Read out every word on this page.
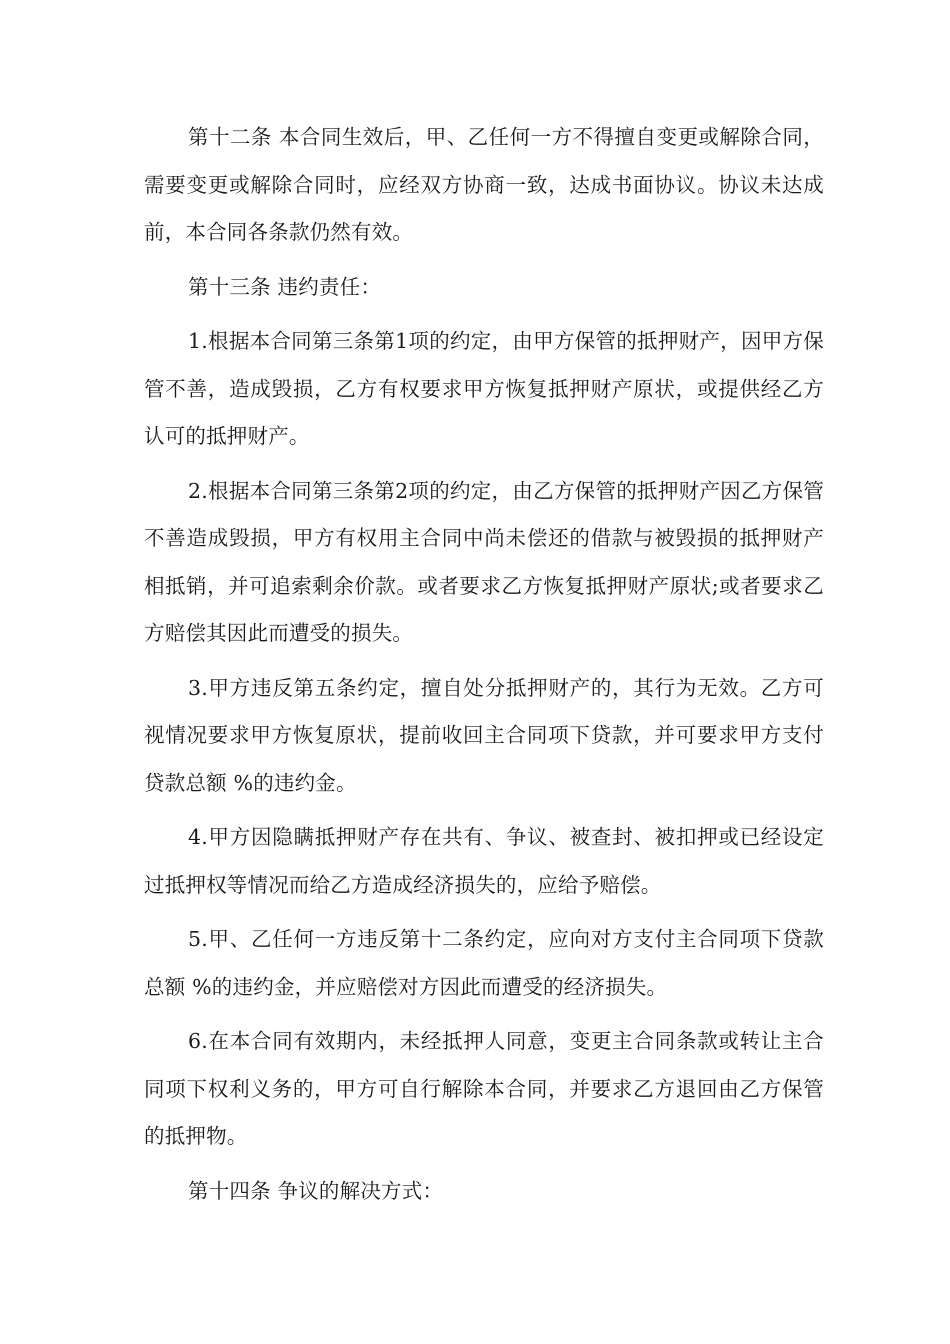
第十二条 本合同生效后，甲、乙任何一方不得擅自变更或解除合同，需要变更或解除合同时，应经双方协商一致，达成书面协议。协议未达成前，本合同各条款仍然有效。

第十三条 违约责任：

1.根据本合同第三条第1项的约定，由甲方保管的抵押财产，因甲方保管不善，造成毁损，乙方有权要求甲方恢复抵押财产原状，或提供经乙方认可的抵押财产。

2.根据本合同第三条第2项的约定，由乙方保管的抵押财产因乙方保管不善造成毁损，甲方有权用主合同中尚未偿还的借款与被毁损的抵押财产相抵销，并可追索剩余价款。或者要求乙方恢复抵押财产原状;或者要求乙方赔偿其因此而遭受的损失。

3.甲方违反第五条约定，擅自处分抵押财产的，其行为无效。乙方可视情况要求甲方恢复原状，提前收回主合同项下贷款，并可要求甲方支付贷款总额 %的违约金。

4.甲方因隐瞒抵押财产存在共有、争议、被查封、被扣押或已经设定过抵押权等情况而给乙方造成经济损失的，应给予赔偿。

5.甲、乙任何一方违反第十二条约定，应向对方支付主合同项下贷款总额 %的违约金，并应赔偿对方因此而遭受的经济损失。

6.在本合同有效期内，未经抵押人同意，变更主合同条款或转让主合同项下权利义务的，甲方可自行解除本合同，并要求乙方退回由乙方保管的抵押物。

第十四条 争议的解决方式：
